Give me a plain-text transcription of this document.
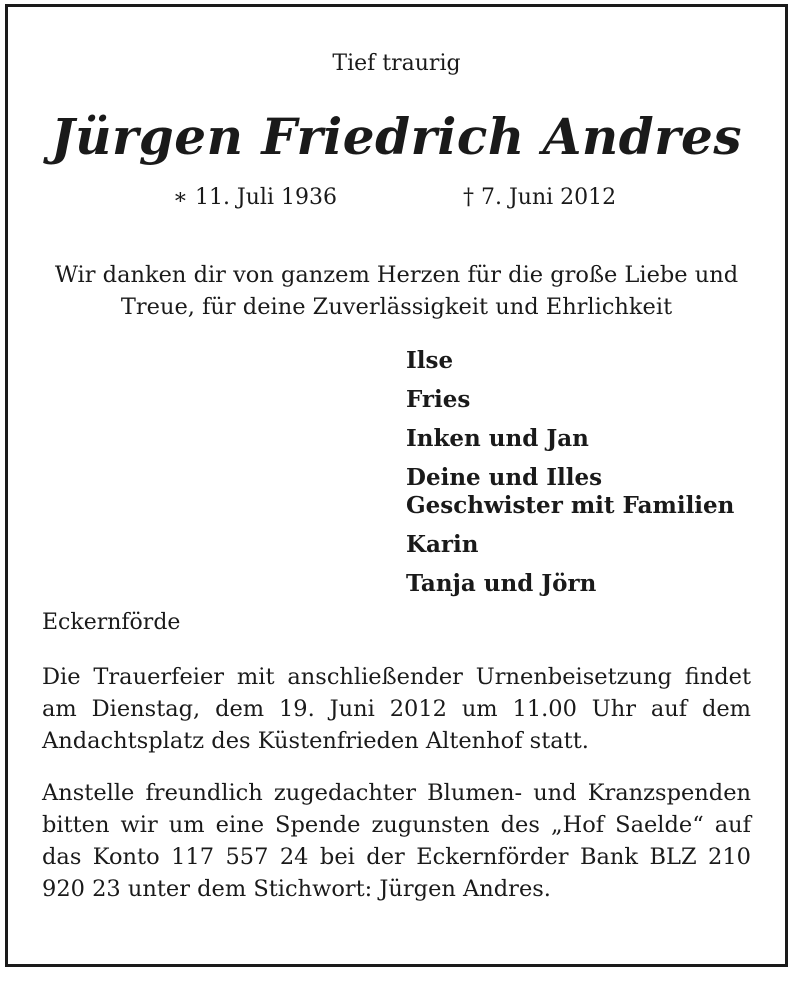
Tief traurig
Jürgen Friedrich Andres
∗ 11. Juli 1936	† 7. Juni 2012
Wir danken dir von ganzem Herzen für die große Liebe und Treue, für deine Zuverlässigkeit und Ehrlichkeit
Ilse
Fries
Inken und Jan
Deine und Illes Geschwister mit Familien
Karin
Tanja und Jörn
Eckernförde

Die Trauerfeier mit anschließender Urnenbeisetzung findet am Dienstag, dem 19. Juni 2012 um 11.00 Uhr auf dem Andachtsplatz des Küstenfrieden Altenhof statt.

Anstelle freundlich zugedachter Blumen- und Kranzspenden bitten wir um eine Spende zugunsten des „Hof Saelde“ auf das Konto 117 557 24 bei der Eckernförder Bank BLZ 210 920 23 unter dem Stichwort: Jürgen Andres.
